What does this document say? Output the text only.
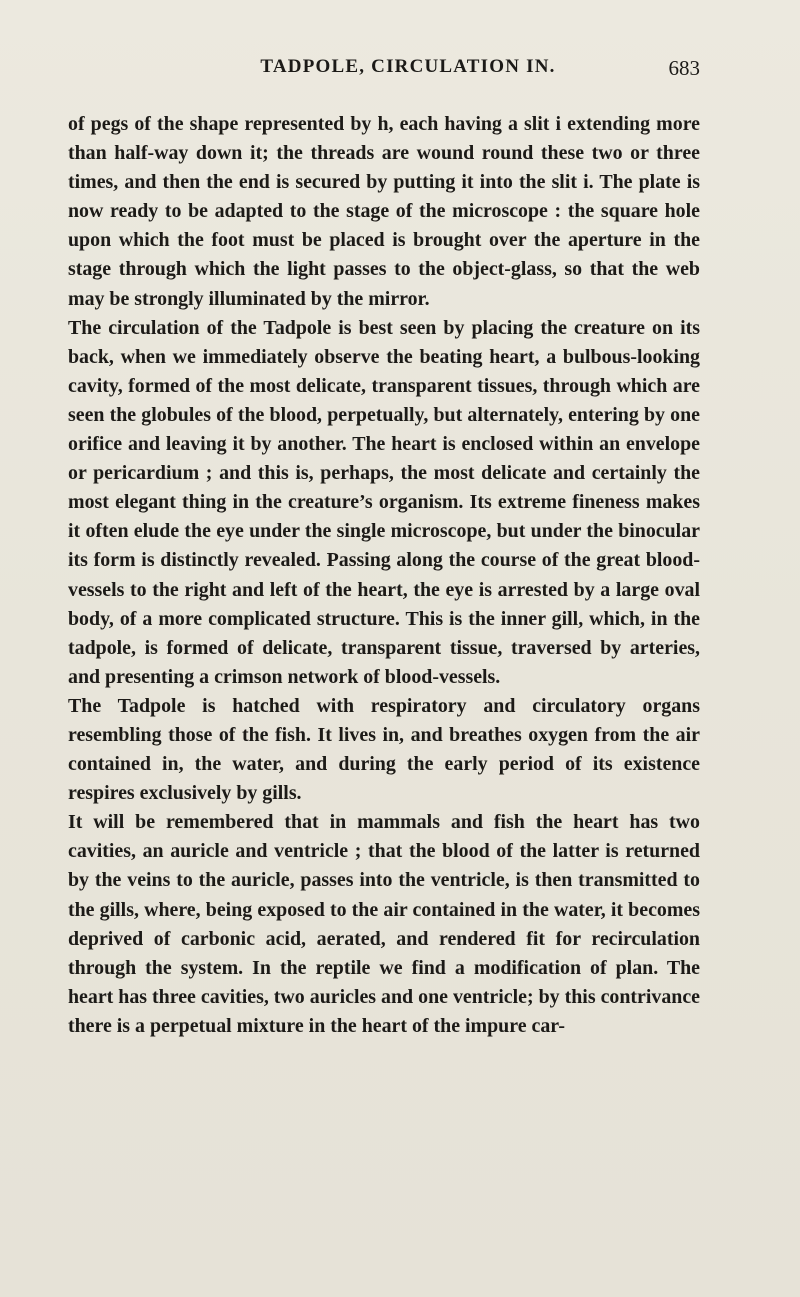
TADPOLE, CIRCULATION IN.	683

of pegs of the shape represented by h, each having a slit i extending more than half-way down it; the threads are wound round these two or three times, and then the end is secured by putting it into the slit i. The plate is now ready to be adapted to the stage of the microscope : the square hole upon which the foot must be placed is brought over the aperture in the stage through which the light passes to the object-glass, so that the web may be strongly illuminated by the mirror.

The circulation of the Tadpole is best seen by placing the creature on its back, when we immediately observe the beating heart, a bulbous-looking cavity, formed of the most delicate, transparent tissues, through which are seen the globules of the blood, perpetually, but alternately, entering by one orifice and leaving it by another. The heart is enclosed within an envelope or pericardium ; and this is, perhaps, the most delicate and certainly the most elegant thing in the creature’s organism. Its extreme fineness makes it often elude the eye under the single microscope, but under the binocular its form is distinctly revealed. Passing along the course of the great blood-vessels to the right and left of the heart, the eye is arrested by a large oval body, of a more complicated structure. This is the inner gill, which, in the tadpole, is formed of delicate, transparent tissue, traversed by arteries, and presenting a crimson network of blood-vessels.

The Tadpole is hatched with respiratory and circulatory organs resembling those of the fish. It lives in, and breathes oxygen from the air contained in, the water, and during the early period of its existence respires exclusively by gills.

It will be remembered that in mammals and fish the heart has two cavities, an auricle and ventricle ; that the blood of the latter is returned by the veins to the auricle, passes into the ventricle, is then transmitted to the gills, where, being exposed to the air contained in the water, it becomes deprived of carbonic acid, aerated, and rendered fit for recirculation through the system. In the reptile we find a modification of plan. The heart has three cavities, two auricles and one ventricle; by this contrivance there is a perpetual mixture in the heart of the impure car-
